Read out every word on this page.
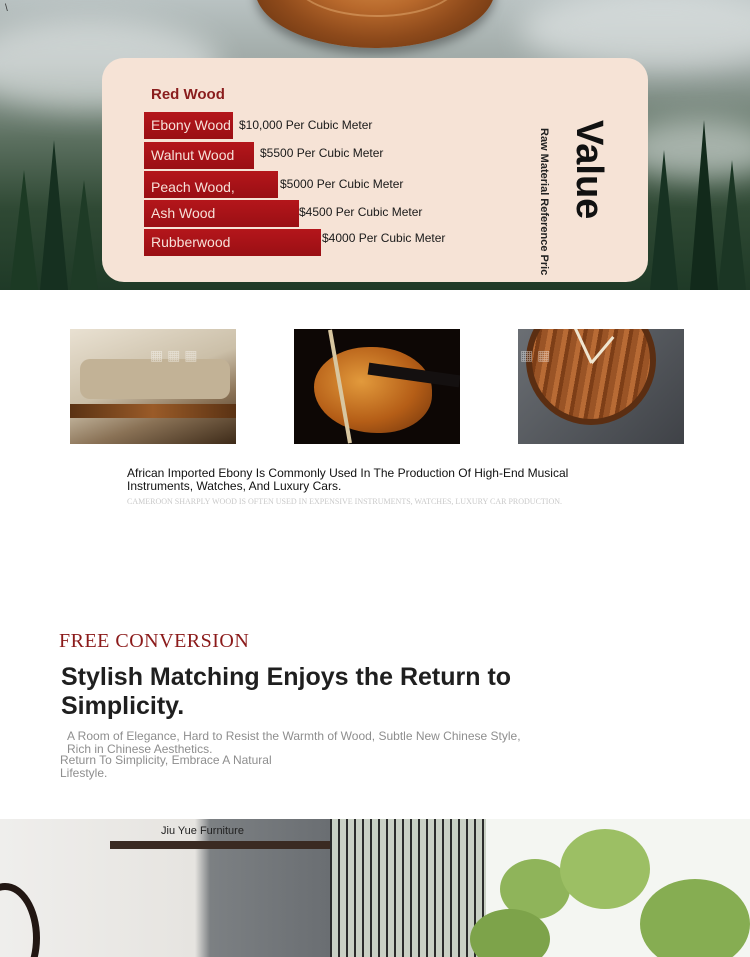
\
Red Wood
Ebony Wood $10,000 Per Cubic Meter
Walnut Wood $5500 Per Cubic Meter
Peach Wood,	$5000 Per Cubic Meter
Ash Wood	$4500 Per Cubic Meter
Rubberwood	$4000 Per Cubic Meter
Value
Raw Material Reference Pric
▦ ▦ ▦	▦ ▦
African Imported Ebony Is Commonly Used In The Production Of High-End Musical Instruments, Watches, And Luxury Cars.
CAMEROON SHARPLY WOOD IS OFTEN USED IN EXPENSIVE INSTRUMENTS, WATCHES, LUXURY CAR PRODUCTION.
FREE CONVERSION
Stylish Matching Enjoys the Return to Simplicity.

A Room of Elegance, Hard to Resist the Warmth of Wood, Subtle New Chinese Style, Rich in Chinese Aesthetics.

Return To Simplicity, Embrace A Natural Lifestyle.

Jiu Yue Furniture
